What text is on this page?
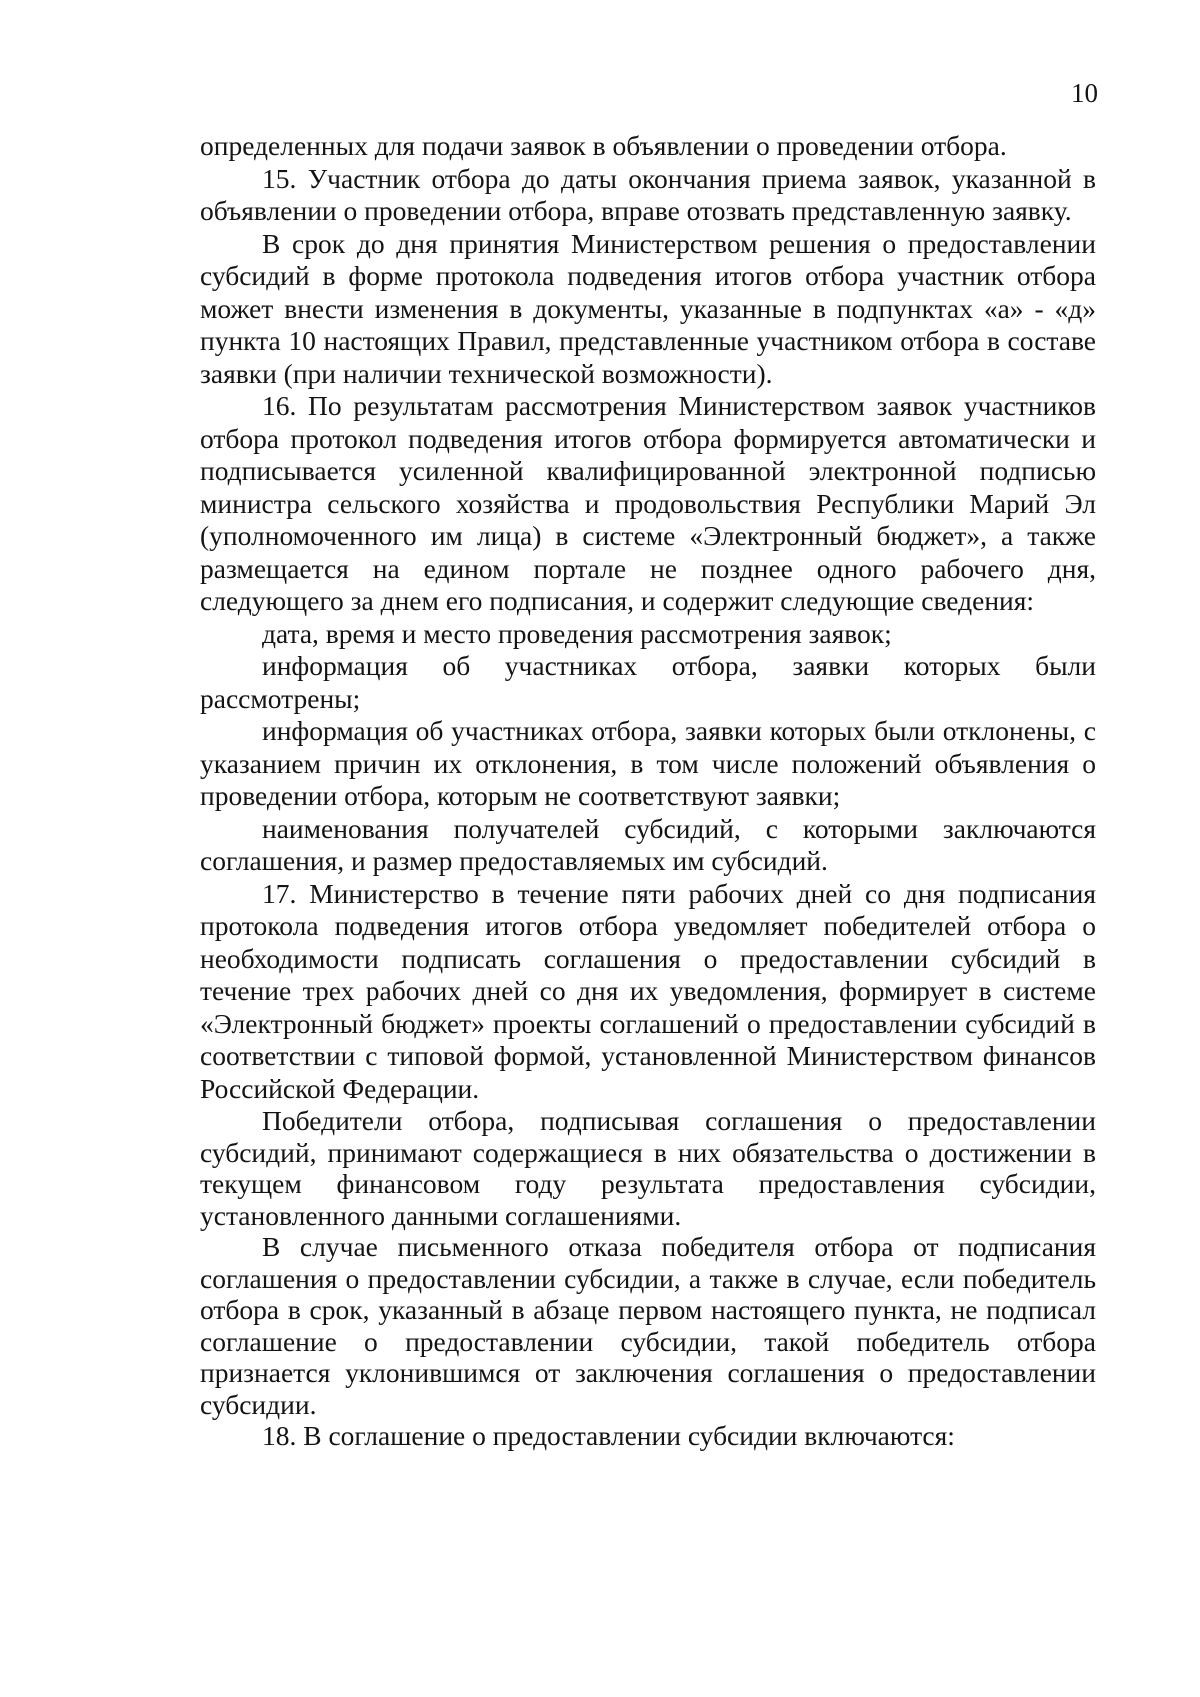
10

определенных для подачи заявок в объявлении о проведении отбора.

15. Участник отбора до даты окончания приема заявок, указанной в объявлении о проведении отбора, вправе отозвать представленную заявку.

В срок до дня принятия Министерством решения о предоставлении субсидий в форме протокола подведения итогов отбора участник отбора может внести изменения в документы, указанные в подпунктах «а» - «д» пункта 10 настоящих Правил, представленные участником отбора в составе заявки (при наличии технической возможности).

16. По результатам рассмотрения Министерством заявок участников отбора протокол подведения итогов отбора формируется автоматически и подписывается усиленной квалифицированной электронной подписью министра сельского хозяйства и продовольствия Республики Марий Эл (уполномоченного им лица) в системе «Электронный бюджет», а также размещается на едином портале не позднее одного рабочего дня, следующего за днем его подписания, и содержит следующие сведения:

дата, время и место проведения рассмотрения заявок;

информация об участниках отбора, заявки которых были рассмотрены;

информация об участниках отбора, заявки которых были отклонены, с указанием причин их отклонения, в том числе положений объявления о проведении отбора, которым не соответствуют заявки;

наименования получателей субсидий, с которыми заключаются соглашения, и размер предоставляемых им субсидий.

17. Министерство в течение пяти рабочих дней со дня подписания протокола подведения итогов отбора уведомляет победителей отбора о необходимости подписать соглашения о предоставлении субсидий в течение трех рабочих дней со дня их уведомления, формирует в системе «Электронный бюджет» проекты соглашений о предоставлении субсидий в соответствии с типовой формой, установленной Министерством финансов Российской Федерации.

Победители отбора, подписывая соглашения о предоставлении субсидий, принимают содержащиеся в них обязательства о достижении в текущем финансовом году результата предоставления субсидии, установленного данными соглашениями.

В случае письменного отказа победителя отбора от подписания соглашения о предоставлении субсидии, а также в случае, если победитель отбора в срок, указанный в абзаце первом настоящего пункта, не подписал соглашение о предоставлении субсидии, такой победитель отбора признается уклонившимся от заключения соглашения о предоставлении субсидии.

18. В соглашение о предоставлении субсидии включаются:
